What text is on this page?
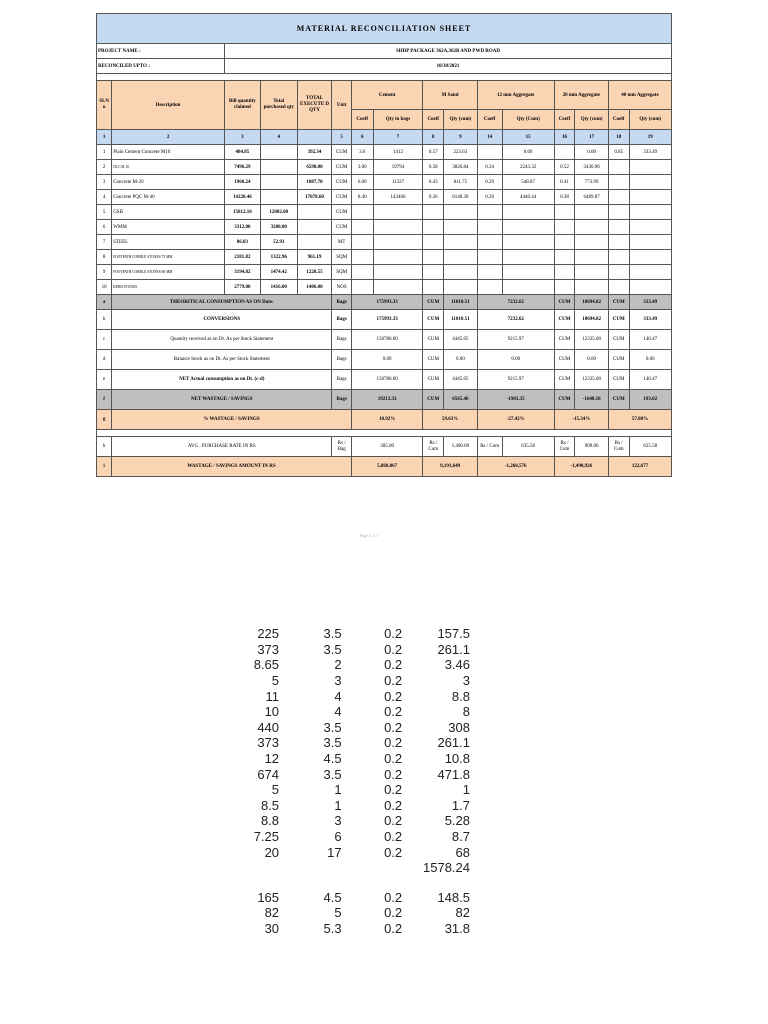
MATERIAL RECONCILIATION SHEET															
PROJECT NAME :		SHDP PACKAGE 362A,362B AND PWD ROAD													
RECONCILED UPTO :		10/30/2021													

SLN o	Description	Bill quantity claimed	Total purchased qty	TOTAL EXECUTE D QTY	Unit	Cement		M Sand		12 mm Aggregate		20 mm Aggregate		40 mm Aggregate	
						Coeff	Qty in bags	Coeff	Qty (cum)	Coeff	Qty (Cum)	Coeff	Qty (cum)	Coeff	Qty (cum)
1	2	3	4		5	6	7	8	9	14	15	16	17	18	19
1	Plain Cement Concrete M10	484.85		392.34	CUM	3.6	1412	0.57	223.63		0.00		0.00	0.85	333.49
2	DLC M 10	7496.29		6598.00	CUM	3.00	19794	0.58	3826.84	0.34	2243.32	0.52	3430.96		
3	Concrete M-20	1960.24		1887.78	CUM	6.00	11327	0.43	811.75	0.29	548.87	0.41	773.99		
4	Concrete PQC M-40	14220.46		17078.60	CUM	8.40	143460	0.36	6148.30	0.26	4440.44	0.38	6489.87		
5	GSB	15812.16	12002.00		CUM										
6	WMM	3312.00	3208.00		CUM										
7	STEEL	86.83	52.93		MT										
8	FOOTPATH COBBLE STONES 75 MM	2181.82	1322.96	961.19	SQM										
9	FOOTPATH COBBLE STONES 60 MM	3194.82	1474.42	1228.55	SQM										
10	KERB STONES	2779.00	1416.00	1406.00	NOS										
a	THEORITICAL CONSUMPTION AS ON Date:				Bags	175993.33		CUM	11010.51	7232.62		CUM	10694.82	CUM	333.49
b	CONVERSIONS				Bags	175993.33		CUM	11010.51	7232.62		CUM	10694.82	CUM	333.49
c	Quantity received as on Dt. As per Stock Statement				Bags	156780.00		CUM	4445.05	9215.97		CUM	12335.00	CUM	140.47
d	Balance Stock as on Dt. As per Stock Statement				Bags	0.00		CUM	0.00	0.00		CUM	0.00	CUM	0.00
e	NET Actual consumption as on Dt. (c-d)				Bags	156780.00		CUM	4445.05	9215.97		CUM	12335.00	CUM	140.47
f	NET WASTAGE / SAVINGS				Bags	19213.33		CUM	6565.46	-1983.35		CUM	-1640.18	CUM	193.02
g	% WASTAGE / SAVINGS					10.92%		59.63%		-27.42%		-15.34%		57.88%	

h	AVG . PURCHASE RATE IN RS				Rs / Bag	305.00		Rs / Cum	1,400.00	Rs / Cum	635.58	Rs / Cum	909.00	Rs / Cum	635.58
i	WASTAGE / SAVINGS AMOUNT IN RS					5,860,067		9,191,649		-1,260,576		-1,490,926		122,677	
Page 1 of 1
225	3.5	0.2	157.5
373	3.5	0.2	261.1
8.65	2	0.2	3.46
5	3	0.2	3
11	4	0.2	8.8
10	4	0.2	8
440	3.5	0.2	308
373	3.5	0.2	261.1
12	4.5	0.2	10.8
674	3.5	0.2	471.8
5	1	0.2	1
8.5	1	0.2	1.7
8.8	3	0.2	5.28
7.25	6	0.2	8.7
20	17	0.2	68
			1578.24

165	4.5	0.2	148.5
82	5	0.2	82
30	5.3	0.2	31.8
